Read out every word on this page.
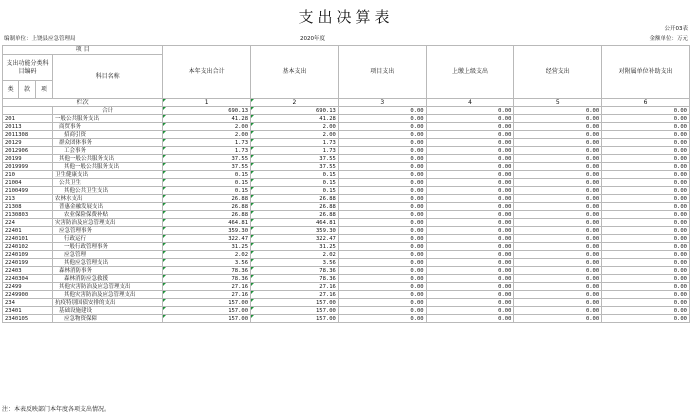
支出决算表
公开03表
编制单位：上饶县应急管理局	2020年度	金额单位：万元
项 目				本年支出合计	基本支出	项目支出	上缴上级支出	经营支出	对附属单位补助支出
支出功能分类科目编码			科目名称						
类	款	项							
栏次				1	2	3	4	5	6
			合计	690.13	690.13	0.00	0.00	0.00	0.00
201			一般公共服务支出	41.28	41.28	0.00	0.00	0.00	0.00
20113			商贸事务	2.00	2.00	0.00	0.00	0.00	0.00
2011308			招商引资	2.00	2.00	0.00	0.00	0.00	0.00
20129			群众团体事务	1.73	1.73	0.00	0.00	0.00	0.00
2012906			工会事务	1.73	1.73	0.00	0.00	0.00	0.00
20199			其他一般公共服务支出	37.55	37.55	0.00	0.00	0.00	0.00
2019999			其他一般公共服务支出	37.55	37.55	0.00	0.00	0.00	0.00
210			卫生健康支出	0.15	0.15	0.00	0.00	0.00	0.00
21004			公共卫生	0.15	0.15	0.00	0.00	0.00	0.00
2100499			其他公共卫生支出	0.15	0.15	0.00	0.00	0.00	0.00
213			农林水支出	26.88	26.88	0.00	0.00	0.00	0.00
21308			普惠金融发展支出	26.88	26.88	0.00	0.00	0.00	0.00
2130803			农业保险保费补贴	26.88	26.88	0.00	0.00	0.00	0.00
224			灾害防治及应急管理支出	464.81	464.81	0.00	0.00	0.00	0.00
22401			应急管理事务	359.30	359.30	0.00	0.00	0.00	0.00
2240101			行政运行	322.47	322.47	0.00	0.00	0.00	0.00
2240102			一般行政管理事务	31.25	31.25	0.00	0.00	0.00	0.00
2240109			应急管理	2.02	2.02	0.00	0.00	0.00	0.00
2240199			其他应急管理支出	3.56	3.56	0.00	0.00	0.00	0.00
22403			森林消防事务	78.36	78.36	0.00	0.00	0.00	0.00
2240304			森林消防应急救援	78.36	78.36	0.00	0.00	0.00	0.00
22499			其他灾害防治及应急管理支出	27.16	27.16	0.00	0.00	0.00	0.00
2249900			其他灾害防治及应急管理支出	27.16	27.16	0.00	0.00	0.00	0.00
234			抗疫特别国债安排的支出	157.00	157.00	0.00	0.00	0.00	0.00
23401			基础设施建设	157.00	157.00	0.00	0.00	0.00	0.00
2340105			应急物资保障	157.00	157.00	0.00	0.00	0.00	0.00
注：本表反映部门本年度各项支出情况。
